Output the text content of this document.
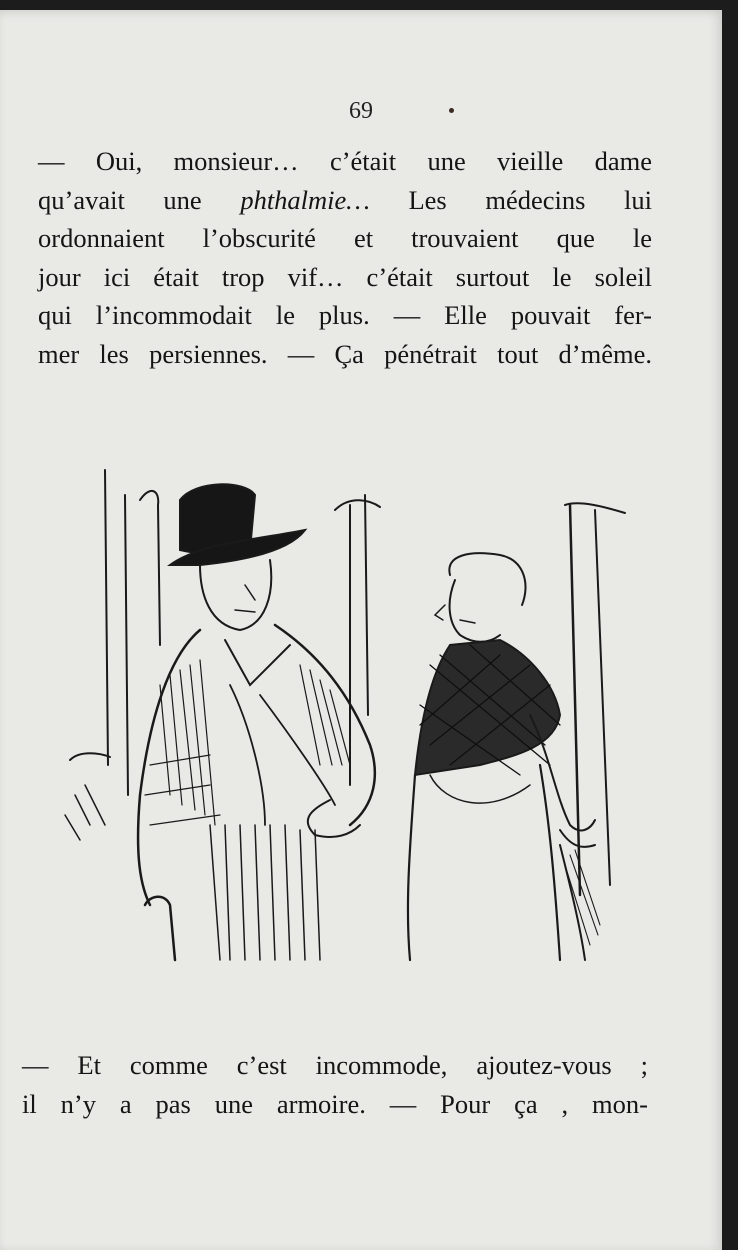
69
— Oui, monsieur… c’était une vieille dame
qu’avait une phthalmie… Les médecins lui
ordonnaient l’obscurité et trouvaient que le
jour ici était trop vif… c’était surtout le soleil
qui l’incommodait le plus. — Elle pouvait fer-
mer les persiennes. — Ça pénétrait tout d’même.
— Et comme c’est incommode, ajoutez-vous ;
il n’y a pas une armoire. — Pour ça , mon-
